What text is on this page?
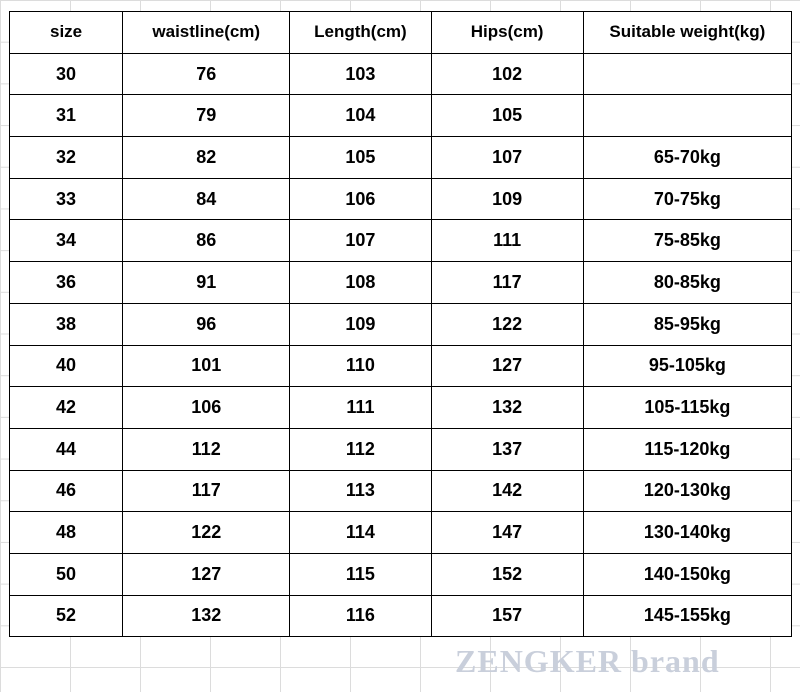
size	waistline(cm)	Length(cm)	Hips(cm)	Suitable weight(kg)
30	76	103	102	
31	79	104	105	
32	82	105	107	65-70kg
33	84	106	109	70-75kg
34	86	107	111	75-85kg
36	91	108	117	80-85kg
38	96	109	122	85-95kg
40	101	110	127	95-105kg
42	106	111	132	105-115kg
44	112	112	137	115-120kg
46	117	113	142	120-130kg
48	122	114	147	130-140kg
50	127	115	152	140-150kg
52	132	116	157	145-155kg
ZENGKER brand
